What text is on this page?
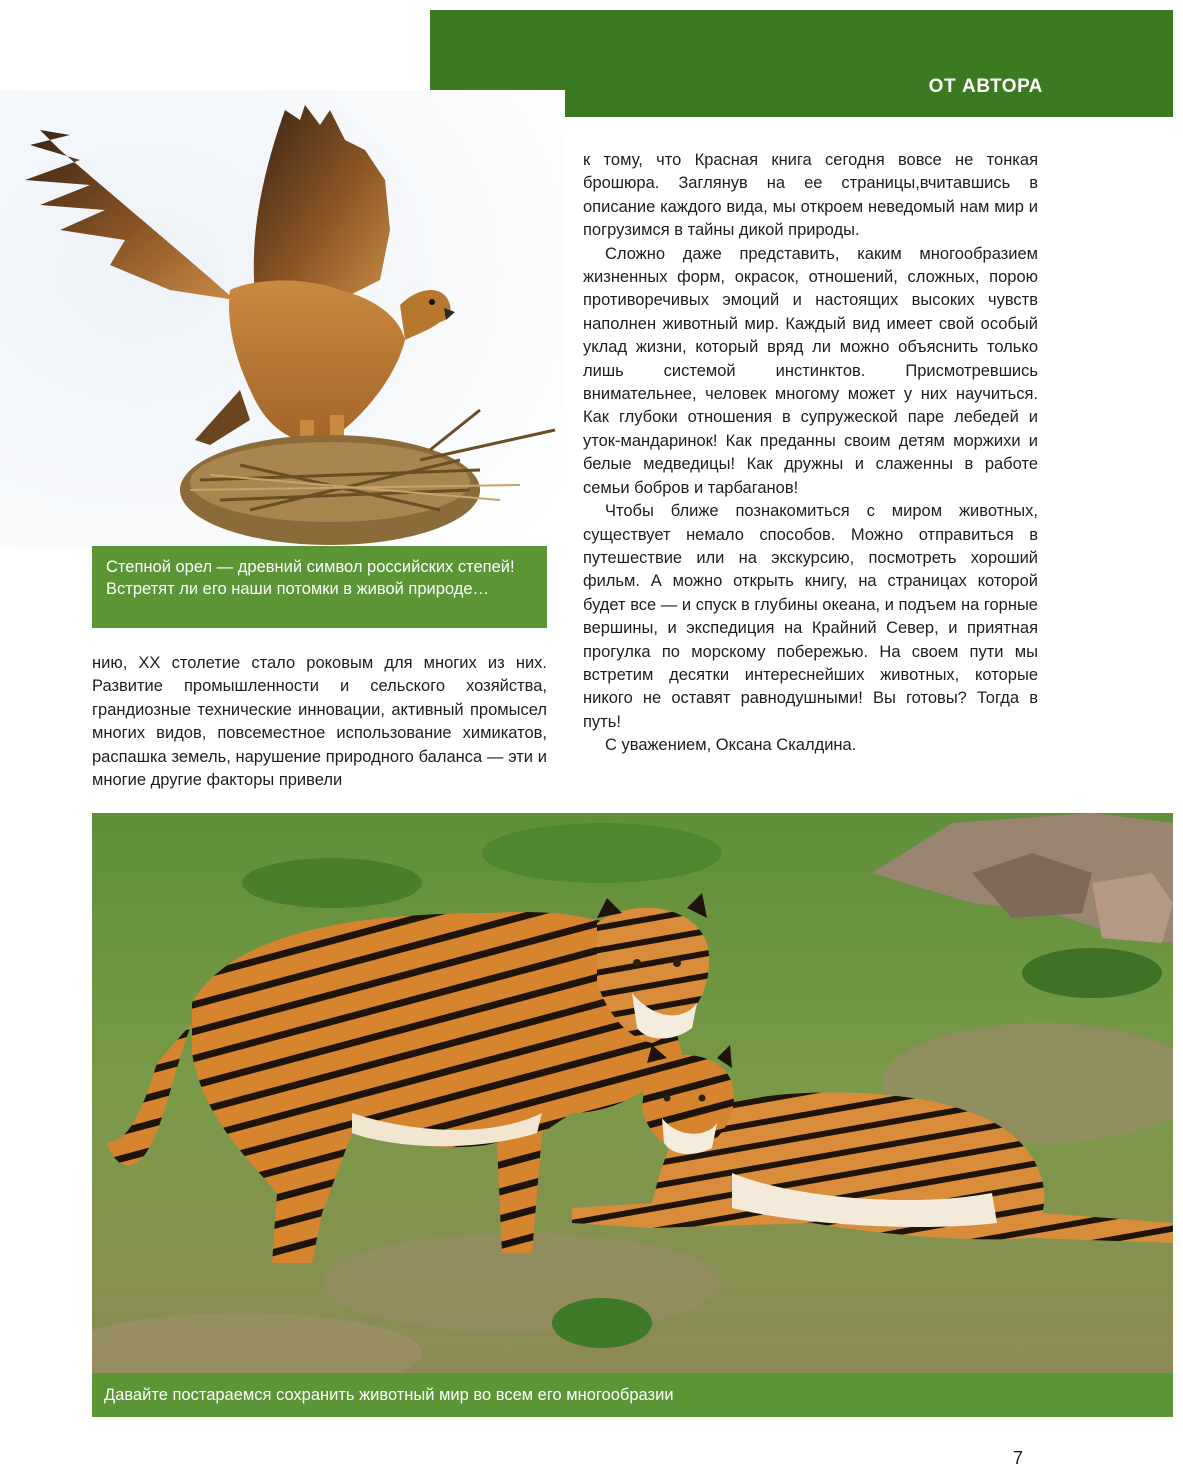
ОТ АВТОРА
Степной орел — древний символ российских степей! Встретят ли его наши потомки в живой природе…

к тому, что Красная книга сегодня вовсе не тонкая брошюра. Заглянув на ее страницы,вчитавшись в описание каждого вида, мы откроем неведомый нам мир и погрузимся в тайны дикой природы.

Сложно даже представить, каким многообразием жизненных форм, окрасок, отношений, сложных, порою противоречивых эмоций и настоящих высоких чувств наполнен животный мир. Каждый вид имеет свой особый уклад жизни, который вряд ли можно объяснить только лишь системой инстинктов. Присмотревшись внимательнее, человек многому может у них научиться. Как глубоки отношения в супружеской паре лебедей и уток-мандаринок! Как преданны своим детям моржихи и белые медведицы! Как дружны и слаженны в работе семьи бобров и тарбаганов!

Чтобы ближе познакомиться с миром животных, существует немало способов. Можно отправиться в путешествие или на экскурсию, посмотреть хороший фильм. А можно открыть книгу, на страницах которой будет все — и спуск в глубины океана, и подъем на горные вершины, и экспедиция на Крайний Север, и приятная прогулка по морскому побережью. На своем пути мы встретим десятки интереснейших животных, которые никого не оставят равнодушными! Вы готовы? Тогда в путь!

С уважением, Оксана Скалдина.

нию, XX столетие стало роковым для многих из них. Развитие промышленности и сельского хозяйства, грандиозные технические инновации, активный промысел многих видов, повсеместное использование химикатов, распашка земель, нарушение природного баланса — эти и многие другие факторы привели

Давайте постараемся сохранить животный мир во всем его многообразии
7
